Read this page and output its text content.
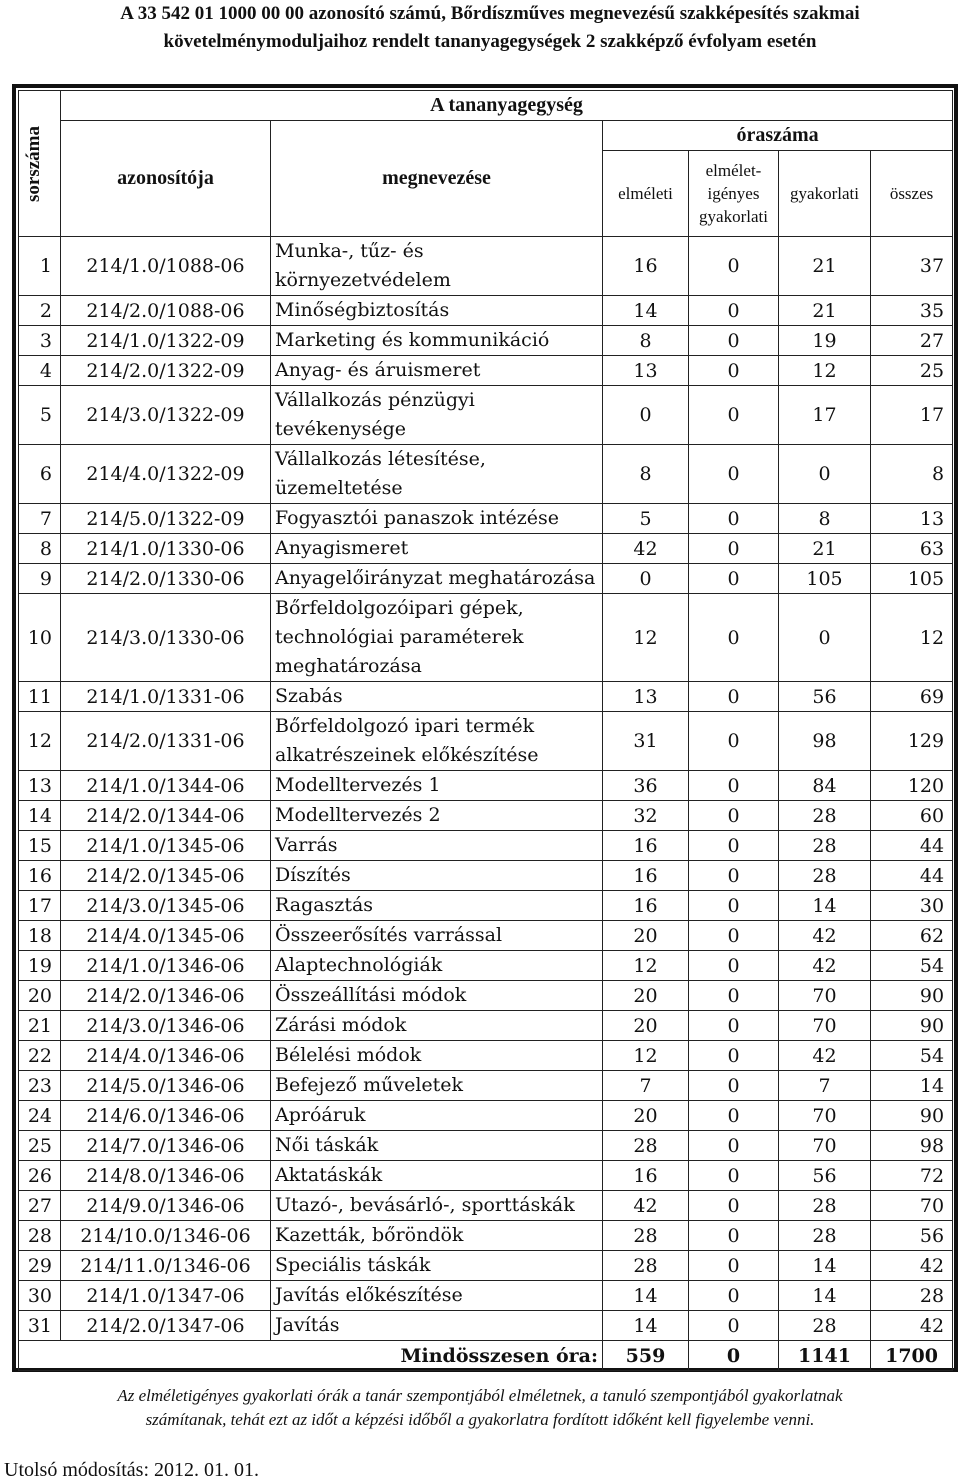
A 33 542 01 1000 00 00 azonosító számú, Bőrdíszműves megnevezésű szakképesítés szakmai
követelménymoduljaihoz rendelt tananyagegységek 2 szakképző évfolyam esetén
sorszáma	A tananyagegység					
	azonosítója	megnevezése	óraszáma			
			elméleti	elmélet-
igényes
gyakorlati	gyakorlati	összes
1	214/1.0/1088-06	Munka-, tűz- és környezetvédelem	16	0	21	37
2	214/2.0/1088-06	Minőségbiztosítás	14	0	21	35
3	214/1.0/1322-09	Marketing és kommunikáció	8	0	19	27
4	214/2.0/1322-09	Anyag- és áruismeret	13	0	12	25
5	214/3.0/1322-09	Vállalkozás pénzügyi
tevékenysége	0	0	17	17
6	214/4.0/1322-09	Vállalkozás létesítése,
üzemeltetése	8	0	0	8
7	214/5.0/1322-09	Fogyasztói panaszok intézése	5	0	8	13
8	214/1.0/1330-06	Anyagismeret	42	0	21	63
9	214/2.0/1330-06	Anyagelőirányzat meghatározása	0	0	105	105
10	214/3.0/1330-06	Bőrfeldolgozóipari gépek,
technológiai paraméterek
meghatározása	12	0	0	12
11	214/1.0/1331-06	Szabás	13	0	56	69
12	214/2.0/1331-06	Bőrfeldolgozó ipari termék
alkatrészeinek előkészítése	31	0	98	129
13	214/1.0/1344-06	Modelltervezés 1	36	0	84	120
14	214/2.0/1344-06	Modelltervezés 2	32	0	28	60
15	214/1.0/1345-06	Varrás	16	0	28	44
16	214/2.0/1345-06	Díszítés	16	0	28	44
17	214/3.0/1345-06	Ragasztás	16	0	14	30
18	214/4.0/1345-06	Összeerősítés varrással	20	0	42	62
19	214/1.0/1346-06	Alaptechnológiák	12	0	42	54
20	214/2.0/1346-06	Összeállítási módok	20	0	70	90
21	214/3.0/1346-06	Zárási módok	20	0	70	90
22	214/4.0/1346-06	Bélelési módok	12	0	42	54
23	214/5.0/1346-06	Befejező műveletek	7	0	7	14
24	214/6.0/1346-06	Apróáruk	20	0	70	90
25	214/7.0/1346-06	Női táskák	28	0	70	98
26	214/8.0/1346-06	Aktatáskák	16	0	56	72
27	214/9.0/1346-06	Utazó-, bevásárló-, sporttáskák	42	0	28	70
28	214/10.0/1346-06	Kazetták, bőröndök	28	0	28	56
29	214/11.0/1346-06	Speciális táskák	28	0	14	42
30	214/1.0/1347-06	Javítás előkészítése	14	0	14	28
31	214/2.0/1347-06	Javítás	14	0	28	42
Mindösszesen óra:			559	0	1141	1700
Az elméletigényes gyakorlati órák a tanár szempontjából elméletnek, a tanuló szempontjából gyakorlatnak
számítanak, tehát ezt az időt a képzési időből a gyakorlatra fordított időként kell figyelembe venni.
Utolsó módosítás: 2012. 01. 01.
